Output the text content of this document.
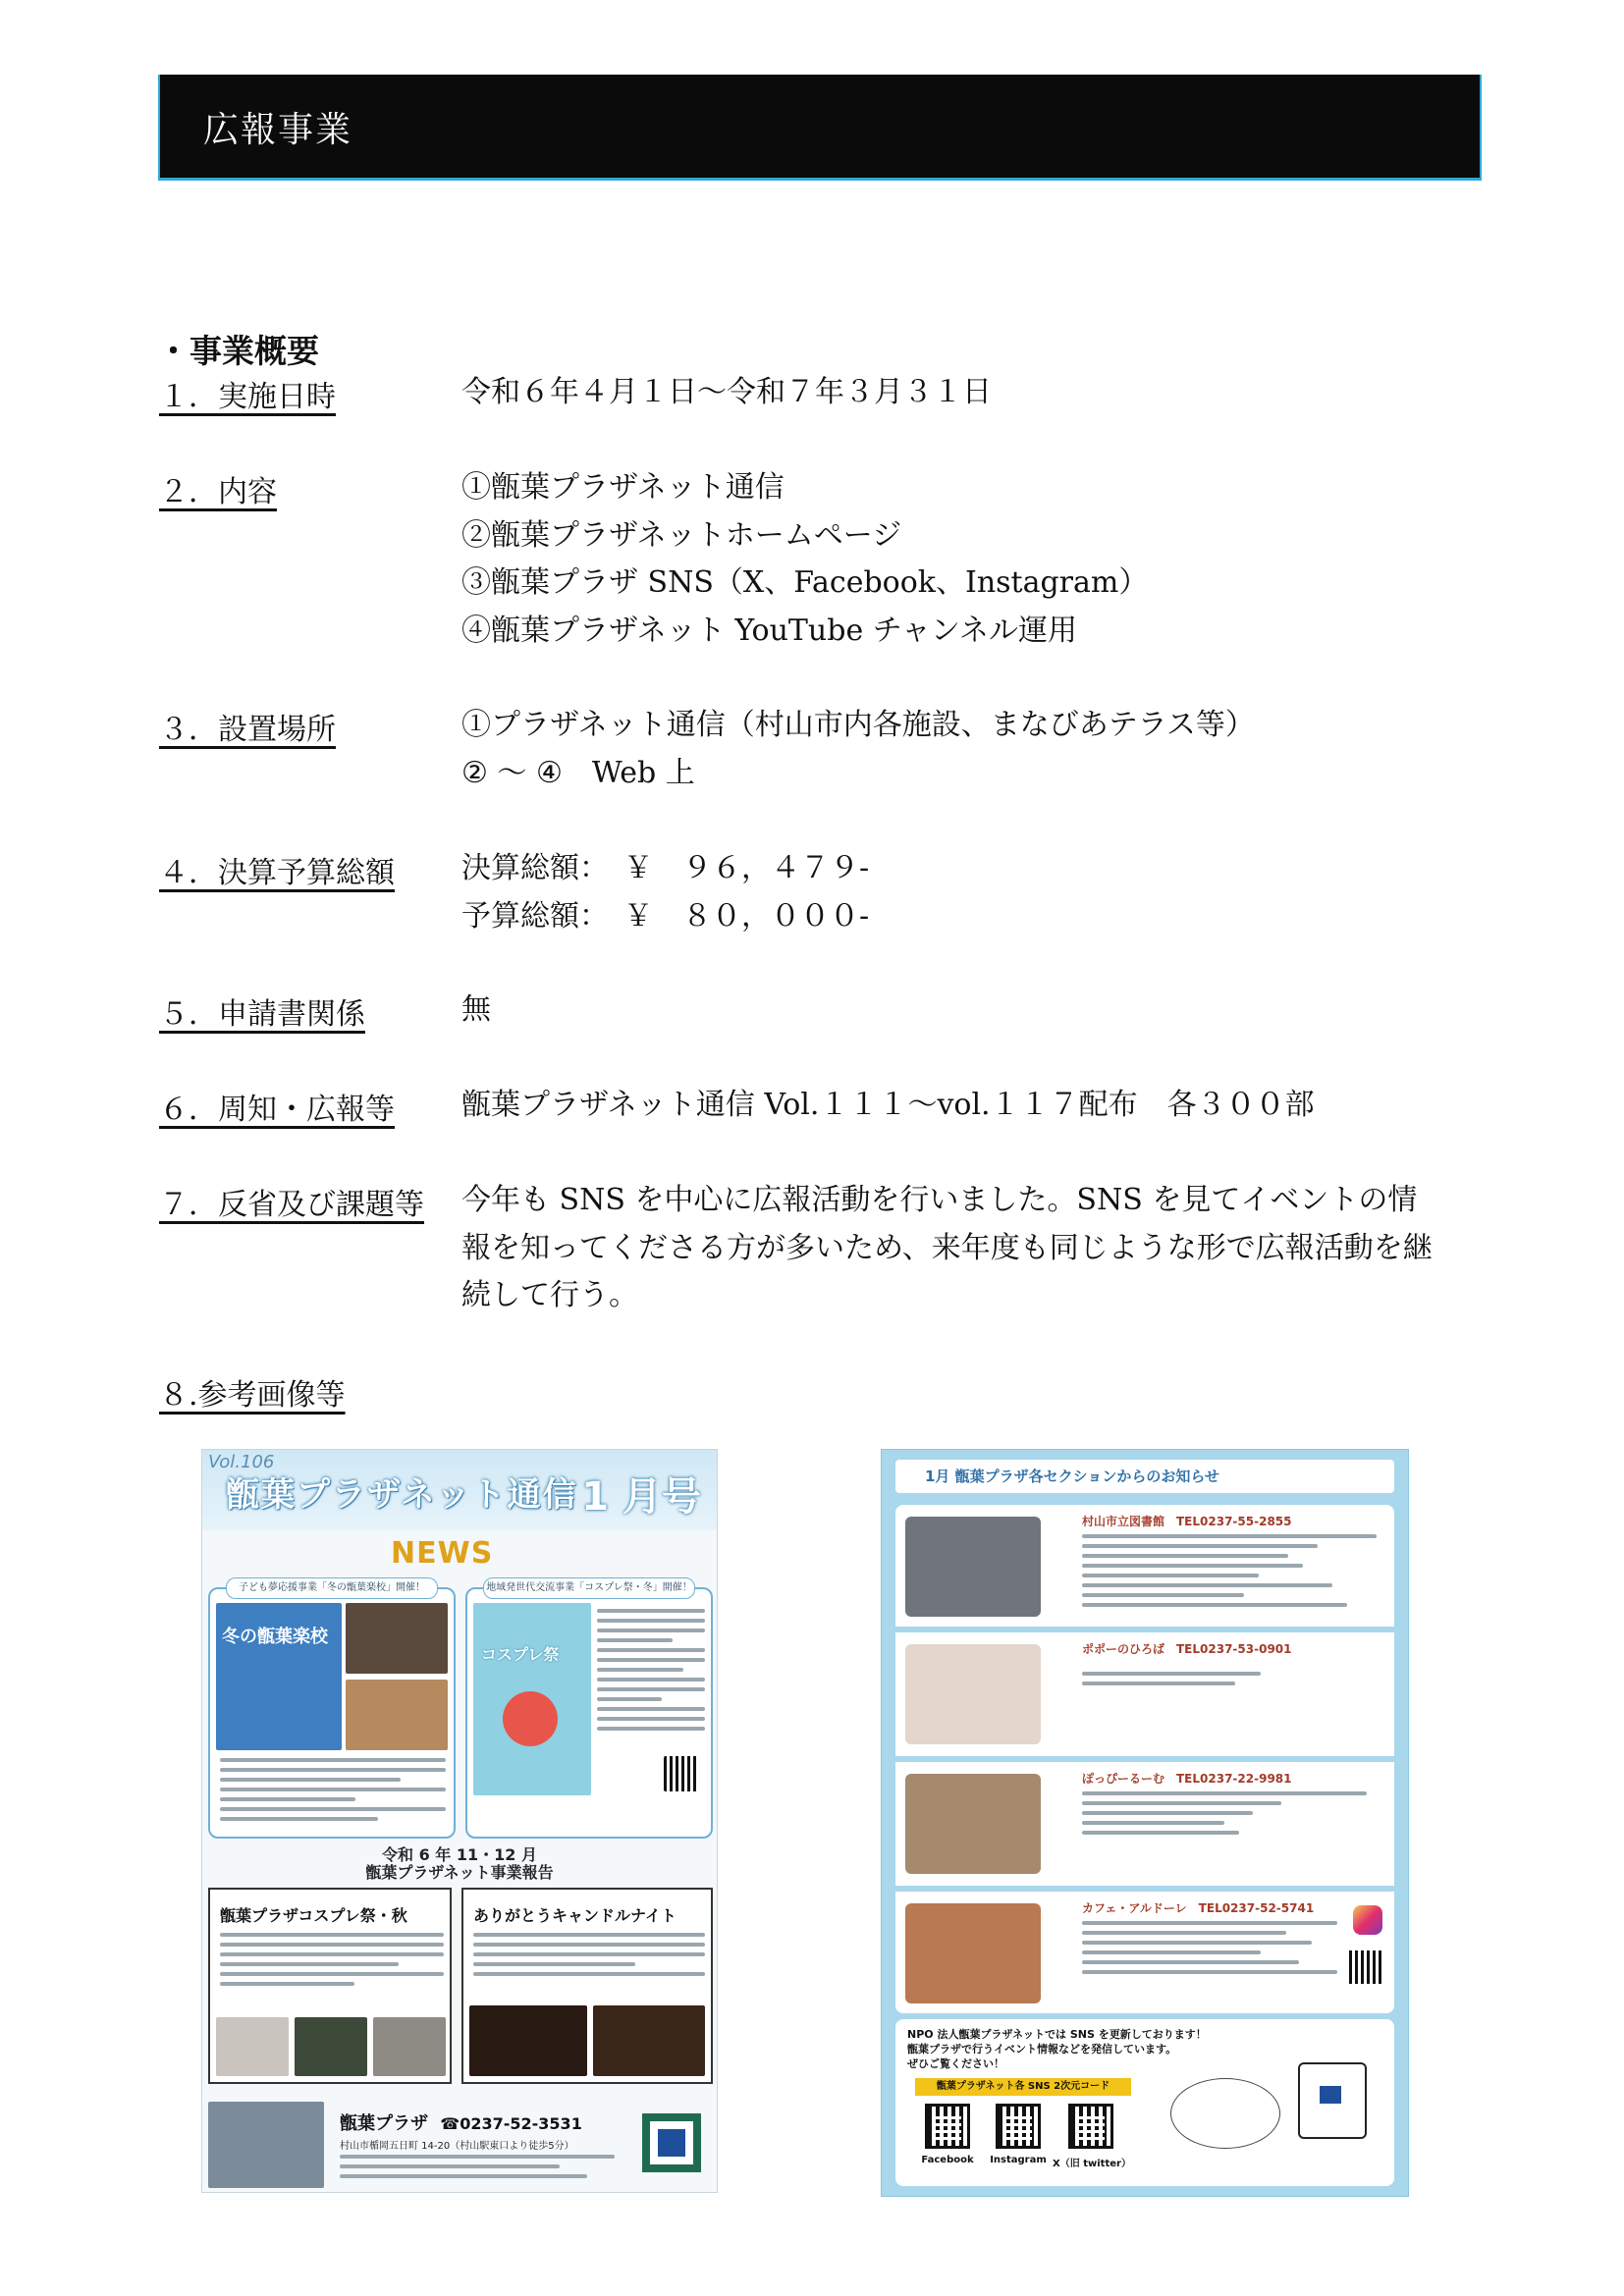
広報事業
・事業概要
１．実施日時	令和６年４月１日～令和７年３月３１日
２．内容	①甑葉プラザネット通信
②甑葉プラザネットホームページ
③甑葉プラザ SNS（X、Facebook、Instagram）
④甑葉プラザネット YouTube チャンネル運用
３．設置場所	①プラザネット通信（村山市内各施設、まなびあテラス等）
② ～ ④　Web 上
４．決算予算総額 決算総額：　￥　９６，４７９-
予算総額：　￥　８０，０００-
５．申請書関係	無
６．周知・広報等 甑葉プラザネット通信 Vol.１１１～vol.１１７配布　各３００部
７．反省及び課題等 今年も SNS を中心に広報活動を行いました。SNS を見てイベントの情報を知ってくださる方が多いため、来年度も同じような形で広報活動を継続して行う。
８.参考画像等
Vol.106
甑葉プラザネット通信 1 月号
NEWS
子ども夢応援事業「冬の甑葉楽校」開催！
冬の甑葉楽校
地域発世代交流事業「コスプレ祭・冬」開催！
コスプレ祭
令和 6 年 11・12 月
甑葉プラザネット事業報告
甑葉プラザコスプレ祭・秋	ありがとうキャンドルナイト
甑葉プラザ ☎0237-52-3531
村山市楯岡五日町 14-20（村山駅東口より徒歩5分）
1月 甑葉プラザ各セクションからのお知らせ
村山市立図書館　TEL0237-55-2855
ポポーのひろば　TEL0237-53-0901
ぽっぴーるーむ　TEL0237-22-9981
カフェ・アルドーレ　TEL0237-52-5741
NPO 法人甑葉プラザネットでは SNS を更新しております！
甑葉プラザで行うイベント情報などを発信しています。
ぜひご覧ください！
甑葉プラザネット各 SNS 2次元コード
Facebook	Instagram X（旧 twitter）
